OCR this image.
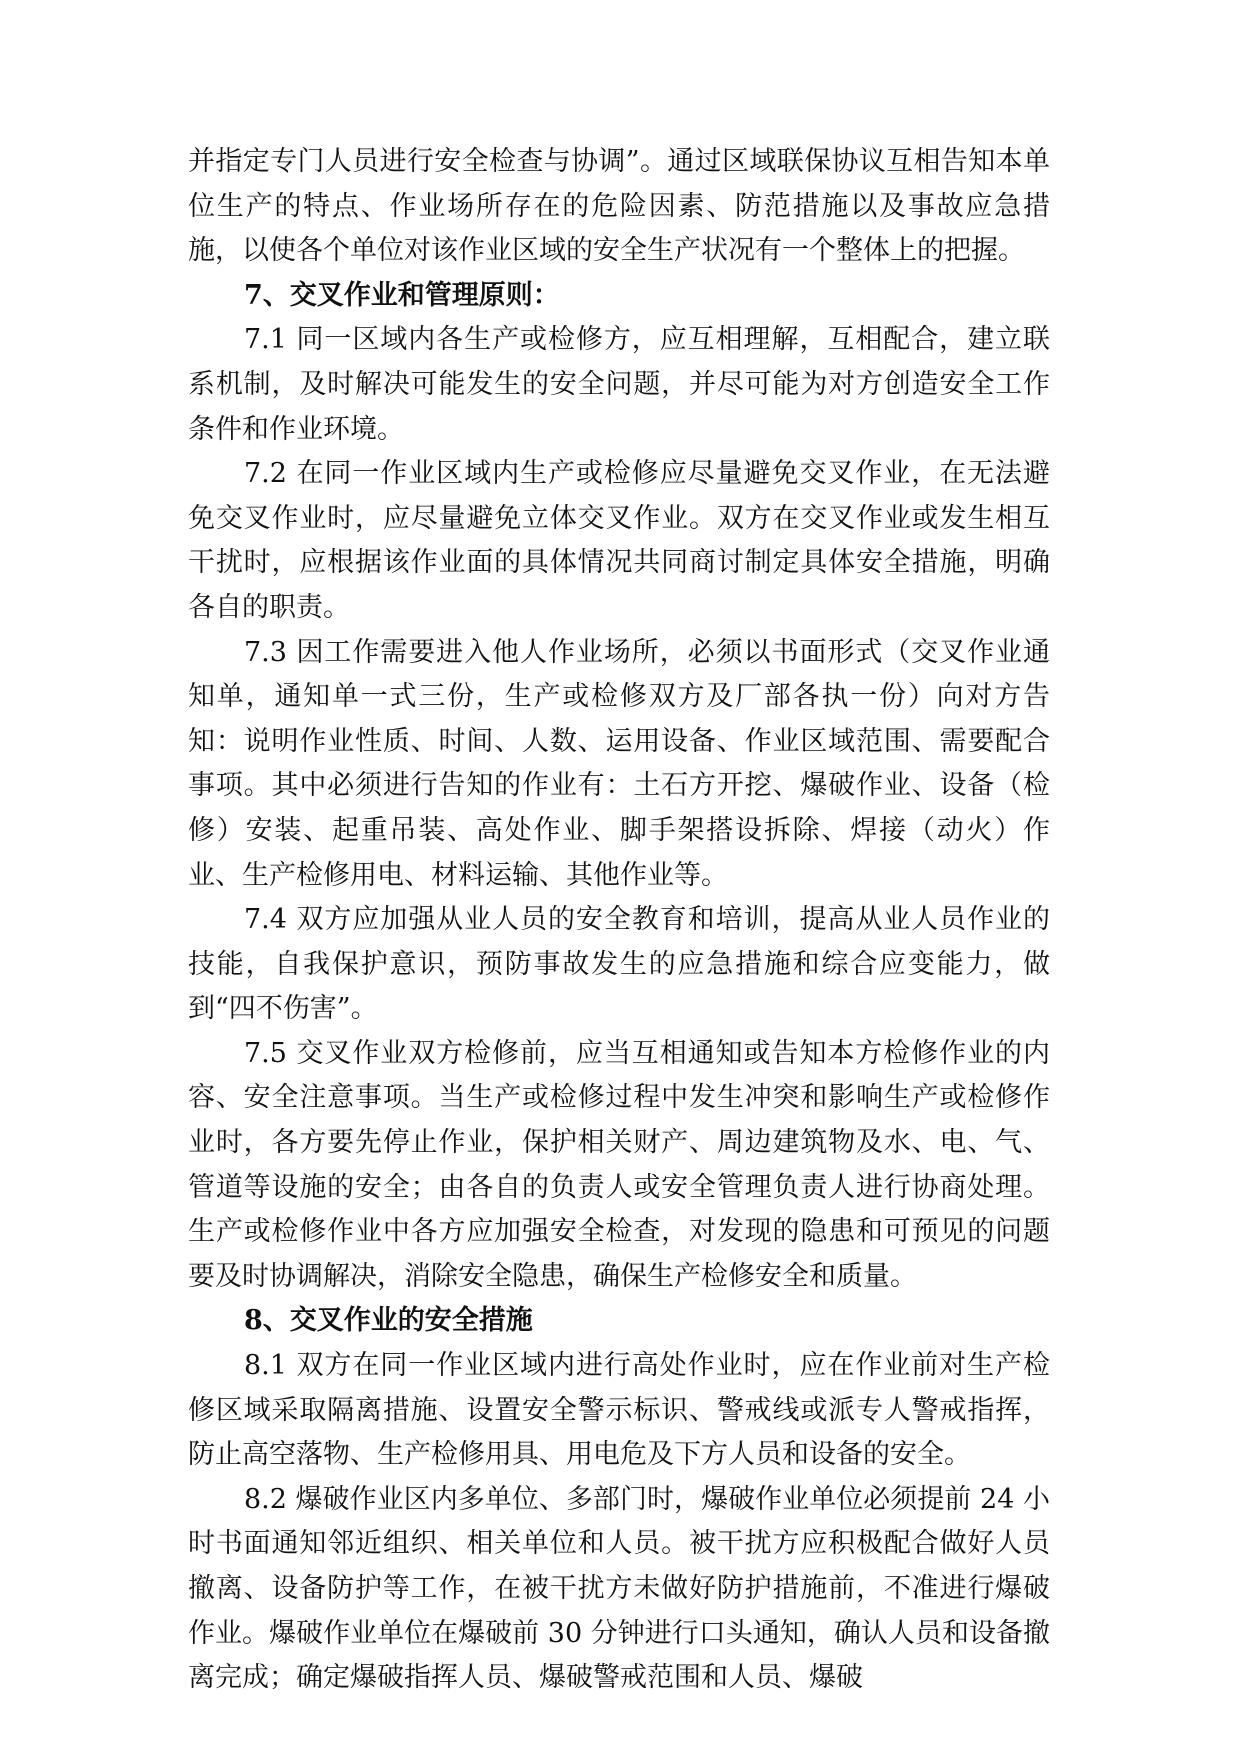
并指定专门人员进行安全检查与协调”。通过区域联保协议互相告知本单位生产的特点、作业场所存在的危险因素、防范措施以及事故应急措施，以使各个单位对该作业区域的安全生产状况有一个整体上的把握。

7、交叉作业和管理原则：

7.1 同一区域内各生产或检修方，应互相理解，互相配合，建立联系机制，及时解决可能发生的安全问题，并尽可能为对方创造安全工作条件和作业环境。

7.2 在同一作业区域内生产或检修应尽量避免交叉作业，在无法避免交叉作业时，应尽量避免立体交叉作业。双方在交叉作业或发生相互干扰时，应根据该作业面的具体情况共同商讨制定具体安全措施，明确各自的职责。

7.3 因工作需要进入他人作业场所，必须以书面形式（交叉作业通知单，通知单一式三份，生产或检修双方及厂部各执一份）向对方告知：说明作业性质、时间、人数、运用设备、作业区域范围、需要配合事项。其中必须进行告知的作业有：土石方开挖、爆破作业、设备（检修）安装、起重吊装、高处作业、脚手架搭设拆除、焊接（动火）作业、生产检修用电、材料运输、其他作业等。

7.4 双方应加强从业人员的安全教育和培训，提高从业人员作业的技能，自我保护意识，预防事故发生的应急措施和综合应变能力，做到“四不伤害”。

7.5 交叉作业双方检修前，应当互相通知或告知本方检修作业的内容、安全注意事项。当生产或检修过程中发生冲突和影响生产或检修作业时，各方要先停止作业，保护相关财产、周边建筑物及水、电、气、管道等设施的安全；由各自的负责人或安全管理负责人进行协商处理。生产或检修作业中各方应加强安全检查，对发现的隐患和可预见的问题要及时协调解决，消除安全隐患，确保生产检修安全和质量。

8、交叉作业的安全措施

8.1 双方在同一作业区域内进行高处作业时，应在作业前对生产检修区域采取隔离措施、设置安全警示标识、警戒线或派专人警戒指挥，防止高空落物、生产检修用具、用电危及下方人员和设备的安全。

8.2 爆破作业区内多单位、多部门时，爆破作业单位必须提前 24 小时书面通知邻近组织、相关单位和人员。被干扰方应积极配合做好人员撤离、设备防护等工作，在被干扰方未做好防护措施前，不准进行爆破作业。爆破作业单位在爆破前 30 分钟进行口头通知，确认人员和设备撤离完成；确定爆破指挥人员、爆破警戒范围和人员、爆破
